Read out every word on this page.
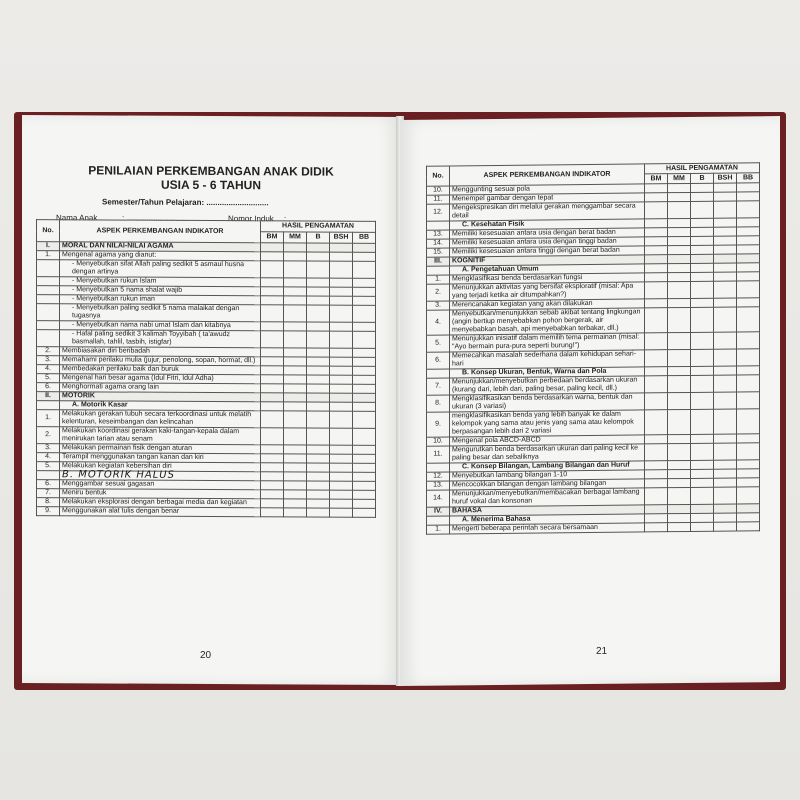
PENILAIAN PERKEMBANGAN ANAK DIDIK
USIA 5 - 6 TAHUN
Semester/Tahun Pelajaran: ............................
Nama Anak	: ............................	Nomor Induk : ............................
No.	ASPEK PERKEMBANGAN INDIKATOR	HASIL PENGAMATAN				
		BM	MM	B	BSH	BB
I.	MORAL DAN NILAI-NILAI AGAMA					
1.	Mengenal agama yang dianut:					
	- Menyebutkan sifat Allah paling sedikit 5 asmaul husna dengan artinya					
	- Menyebutkan rukun Islam					
	- Menyebutkan 5 nama shalat wajib					
	- Menyebutkan rukun iman					
	- Menyebutkan paling sedikit 5 nama malaikat dengan tugasnya					
	- Menyebutkan nama nabi umat Islam dan kitabnya					
	- Hafal paling sedikit 3 kalimah Toyyibah ( ta'awudz basmallah, tahlil, tasbih, istigfar)					
2.	Membiasakan diri beribadah					
3.	Memahami perilaku mulia (jujur, penolong, sopan, hormat, dll.)					
4.	Membedakan perilaku baik dan buruk					
5.	Mengenal hari besar agama (Idul Fitri, Idul Adha)					
6.	Menghormati agama orang lain					
II.	MOTORIK					
	A. Motorik Kasar					
1.	Melakukan gerakan tubuh secara terkoordinasi untuk melatih kelenturan, keseimbangan dan kelincahan					
2.	Melakukan koordinasi gerakan kaki-tangan-kepala dalam menirukan tarian atau senam					
3.	Melakukan permainan fisik dengan aturan					
4.	Terampil menggunakan tangan kanan dan kiri					
5.	Melakukan kegiatan kebersihan diri					
	B. MOTORIK HALUS					
6.	Menggambar sesuai gagasan					
7.	Meniru bentuk					
8.	Melakukan eksplorasi dengan berbagai media dan kegiatan					
9.	Menggunakan alat tulis dengan benar					
20
No.	ASPEK PERKEMBANGAN INDIKATOR	HASIL PENGAMATAN				
		BM	MM	B	BSH	BB
10.	Menggunting sesuai pola					
11.	Menempel gambar dengan tepat					
12.	Mengekspresikan diri melalui gerakan menggambar secara detail					
	C. Kesehatan Fisik					
13.	Memiliki kesesuaian antara usia dengan berat badan					
14.	Memiliki kesesuaian antara usia dengan tinggi badan					
15.	Memiliki kesesuaian antara tinggi dengan berat badan					
III.	KOGNITIF					
	A. Pengetahuan Umum					
1.	Mengklasifikasi benda berdasarkan fungsi					
2.	Menunjukkan aktivitas yang bersifat eksploratif (misal: Apa yang terjadi ketika air ditumpahkan?)					
3.	Merencanakan kegiatan yang akan dilakukan					
4.	Menyebutkan/menunjukkan sebab akibat tentang lingkungan (angin bertiup menyebabkan pohon bergerak, air menyebabkan basah, api menyebabkan terbakar, dll.)					
5.	Menunjukkan inisiatif dalam memilih tema permainan (misal: "Ayo bermain pura-pura seperti burung!")					
6.	Memecahkan masalah sederhana dalam kehidupan sehari-hari					
	B. Konsep Ukuran, Bentuk, Warna dan Pola					
7.	Menunjukkan/menyebutkan perbedaan berdasarkan ukuran (kurang dari, lebih dari, paling besar, paling kecil, dll.)					
8.	Mengklasifikasikan benda berdasarkan warna, bentuk dan ukuran (3 variasi)					
9.	mengklasifikasikan benda yang lebih banyak ke dalam kelompok yang sama atau jenis yang sama atau kelompok berpasangan lebih dari 2 variasi					
10.	Mengenal pola ABCD-ABCD					
11.	Mengurutkan benda berdasarkan ukuran dari paling kecil ke paling besar dan sebaliknya					
	C. Konsep Bilangan, Lambang Bilangan dan Huruf					
12.	Menyebutkan lambang bilangan 1-10					
13.	Mencocokkan bilangan dengan lambang bilangan					
14.	Menunjukkan/menyebutkan/membacakan berbagai lambang huruf vokal dan konsonan					
IV.	BAHASA					
	A. Menerima Bahasa					
1.	Mengerti beberapa perintah secara bersamaan					
21
